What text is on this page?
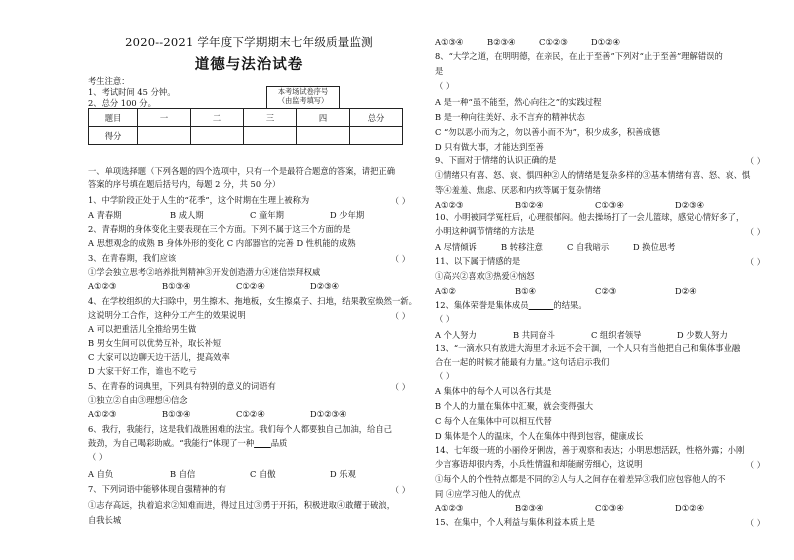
2020--2021 学年度下学期期末七年级质量监测
道德与法治试卷
考生注意：
1、考试时间 45 分钟。
2、总分 100 分。
本考场试卷序号
（由监考填写）
题目	一	二	三	四	总分
得分					
一、单项选择题（下列各题的四个选项中，只有一个是最符合题意的答案，请把正确
答案的序号填在题后括号内，每题 2 分，共 50 分）
1、中学阶段正处于人生的“花季”，这个时期在生理上被称为	（ ）
A 青春期	B 成人期	C 童年期	D 少年期
2、青春期的身体变化主要表现在三个方面。下列不属于这三个方面的是
A 思想观念的成熟 B 身体外形的变化 C 内部器官的完善 D 性机能的成熟
3、在青春期，我们应该	（ ）
①学会独立思考②培养批判精神③开发创造潜力④迷信崇拜权威
A①②③	B①③④	C①②④	D②③④
4、在学校组织的大扫除中，男生擦木、拖地板，女生擦桌子、扫地，结果教室焕然一新。
这说明分工合作，这种分工产生的效果说明	（ ）
A 可以把重活儿全推给男生做
B 男女生间可以优势互补，取长补短
C 大家可以边聊天边干活儿，提高效率
D 大家干好工作，谁也不吃亏
5、在青春的词典里，下列具有特别的意义的词语有	（ ）
①独立②自由③理想④信念
A①②③	B①③④	C①②④	D①②③④
6、我行，我能行，这是我们战胜困难的法宝。我们每个人都要独自己加油，给自己
鼓劲，为自己喝彩助威。“我能行”体现了一种____品质
（ ）
A 自负	B 自信	C 自傲	D 乐观
7、下列词语中能够体现自强精神的有	（ ）
①志存高远，执着追求②知难而进，得过且过③勇于开拓，积极进取④敢耀于破浪，
自我长城
A①③④	B②③④	C①②③	D①②④
8、“大学之道，在明明德，在亲民，在止于至善”下列对“止于至善”理解错误的
是
（ ）
A 是一种“虽不能至，然心向往之”的实践过程
B 是一种向往美好、永不言弃的精神状态
C “勿以恶小而为之，勿以善小而不为”，积少成多，积善成德
D 只有做大事，才能达到至善
9、下面对于情绪的认识正确的是	（ ）
①情绪只有喜、怒、哀、惧四种②人的情绪是复杂多样的③基本情绪有喜、怒、哀、惧
等④羞羞、焦虑、厌恶和内疚等属于复杂情绪
A①②③	B①②④	C①③④	D②③④
10、小明被同学冤枉后，心理很郁闷。他去操场打了一会儿篮球，感觉心情好多了，
小明这种调节情绪的方法是	（ ）
A 尽情倾诉	B 转移注意	C 自我暗示	D 换位思考
11、以下属于情感的是	（ ）
①高兴②喜欢③热爱④恼怒
A①②	B①④	C②③	D②④
12、集体荣誉是集体成员______的结果。
（ ）
A 个人努力	B 共同奋斗	C 组织者领导	D 少数人努力
13、“一滴水只有放进大海里才永远不会干涸，一个人只有当他把自己和集体事业融
合在一起的时候才能最有力量。”这句话启示我们
（ ）
A 集体中的每个人可以各行其是
B 个人的力量在集体中汇聚，就会变得强大
C 每个人在集体中可以相互代替
D 集体是个人的温床，个人在集体中得到包容，健康成长
14、七年级一班的小丽伶牙俐齿，善于观察和表达；小明思想活跃，性格外露；小刚
少言寡语却很内秀，小兵性情温和却能耐劳细心，这说明	（ ）
①每个人的个性特点都是不同的②人与人之间存在着差异③我们应包容他人的不
同 ④应学习他人的优点
A①②③	B②③④	C①③④	D①②④
15、在集中，个人利益与集体利益本质上是	（ ）
